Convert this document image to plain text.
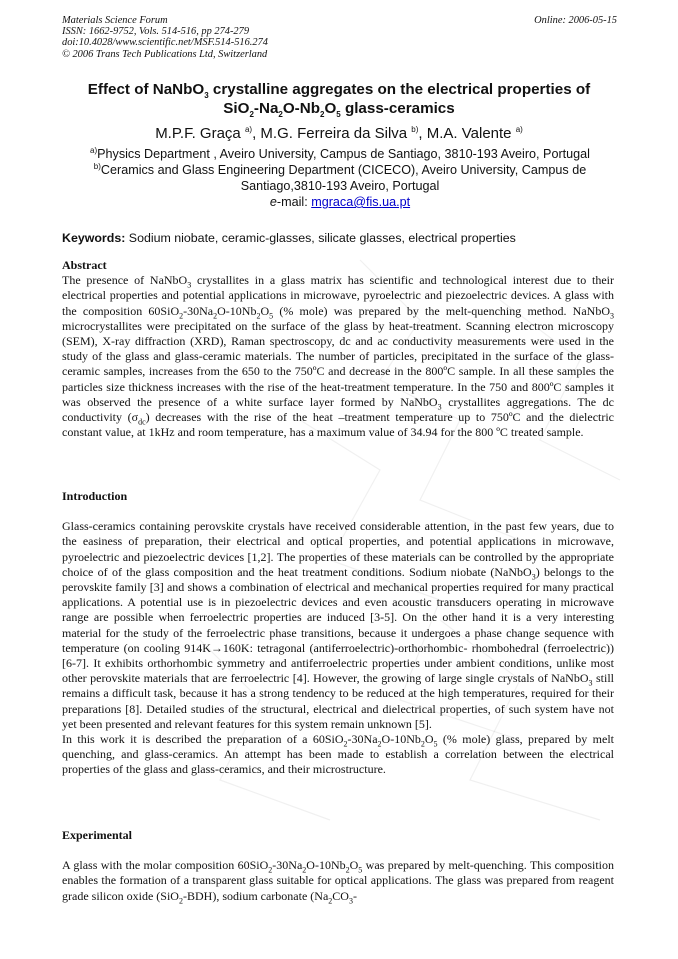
Materials Science Forum
ISSN: 1662-9752, Vols. 514-516, pp 274-279
doi:10.4028/www.scientific.net/MSF.514-516.274
© 2006 Trans Tech Publications Ltd, Switzerland
Online: 2006-05-15
Effect of NaNbO$_3$ crystalline aggregates on the electrical properties of
$SiO_2-Na_2O-Nb_2O_5$ glass-ceramics
M.P.F. Graça $^{a)}$, M.G. Ferreira da Silva $^{b)}$, M.A. Valente $^{a)}$
$^{a)}$Physics Department , Aveiro University, Campus de Santiago, 3810-193 Aveiro, Portugal
$^{b)}$Ceramics and Glass Engineering Department (CICECO), Aveiro University, Campus de Santiago,3810-193 Aveiro, Portugal
e-mail: mgraca@fis.ua.pt
Keywords: Sodium niobate, ceramic-glasses, silicate glasses, electrical properties
Abstract

The presence of NaNbO$_3$ crystallites in a glass matrix has scientific and technological interest due to their electrical properties and potential applications in microwave, pyroelectric and piezoelectric devices. A glass with the composition $60SiO_2-30Na_2O-10Nb_2O_5$ (% mole) was prepared by the melt-quenching method. NaNbO$_3$ microcrystallites were precipitated on the surface of the glass by heat-treatment. Scanning electron microscopy (SEM), X-ray diffraction (XRD), Raman spectroscopy, dc and ac conductivity measurements were used in the study of the glass and glass-ceramic materials. The number of particles, precipitated in the surface of the glass-ceramic samples, increases from the 650 to the 750ºC and decrease in the 800ºC sample. In all these samples the particles size thickness increases with the rise of the heat-treatment temperature. In the 750 and 800ºC samples it was observed the presence of a white surface layer formed by NaNbO$_3$ crystallites aggregations. The dc conductivity $(\sigma_{dc})$ decreases with the rise of the heat –treatment temperature up to 750ºC and the dielectric constant value, at 1kHz and room temperature, has a maximum value of 34.94 for the 800 ºC treated sample.

Introduction

Glass-ceramics containing perovskite crystals have received considerable attention, in the past few years, due to the easiness of preparation, their electrical and optical properties, and potential applications in microwave, pyroelectric and piezoelectric devices [1,2]. The properties of these materials can be controlled by the appropriate choice of of the glass composition and the heat treatment conditions. Sodium niobate (NaNbO$_3$) belongs to the perovskite family [3] and shows a combination of electrical and mechanical properties required for many practical applications. A potential use is in piezoelectric devices and even acoustic transducers operating in microwave range are possible when ferroelectric properties are induced [3-5]. On the other hand it is a very interesting material for the study of the ferroelectric phase transitions, because it undergoes a phase change sequence with temperature (on cooling 914K→160K: tetragonal (antiferroelectric)-orthorhombic- rhombohedral (ferroelectric)) [6-7]. It exhibits orthorhombic symmetry and antiferroelectric properties under ambient conditions, unlike most other perovskite materials that are ferroelectric [4]. However, the growing of large single crystals of NaNbO$_3$ still remains a difficult task, because it has a strong tendency to be reduced at the high temperatures, required for their preparations [8]. Detailed studies of the structural, electrical and dielectrical properties, of such system have not yet been presented and relevant features for this system remain unknown [5].

In this work it is described the preparation of a $60SiO_2-30Na_2O-10Nb_2O_5$ (% mole) glass, prepared by melt quenching, and glass-ceramics. An attempt has been made to establish a correlation between the electrical properties of the glass and glass-ceramics, and their microstructure.

Experimental

A glass with the molar composition $60SiO_2-30Na_2O-10Nb_2O_5$ was prepared by melt-quenching. This composition enables the formation of a transparent glass suitable for optical applications. The glass was prepared from reagent grade silicon oxide (SiO$_2$-BDH), sodium carbonate ($Na_2CO_3-$
